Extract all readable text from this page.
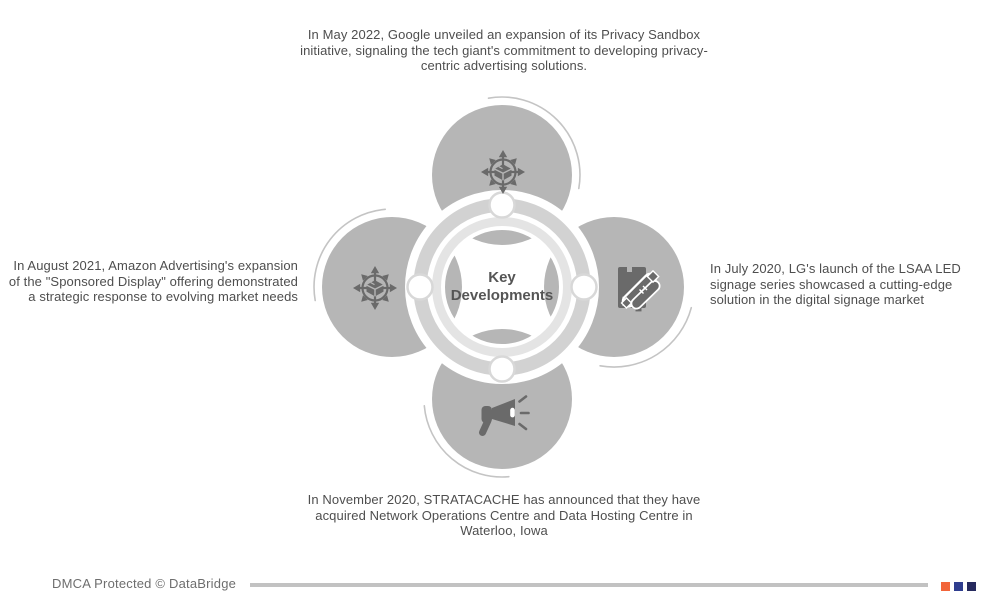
Key
Developments
In May 2022, Google unveiled an expansion of its Privacy Sandbox initiative, signaling the tech giant's commitment to developing privacy-centric advertising solutions.
In August 2021, Amazon Advertising's expansion of the "Sponsored Display" offering demonstrated a strategic response to evolving market needs
In July 2020, LG's launch of the LSAA LED signage series showcased a cutting-edge solution in the digital signage market
In November 2020, STRATACACHE has announced that they have acquired Network Operations Centre and Data Hosting Centre in Waterloo, Iowa
DMCA Protected © DataBridge
